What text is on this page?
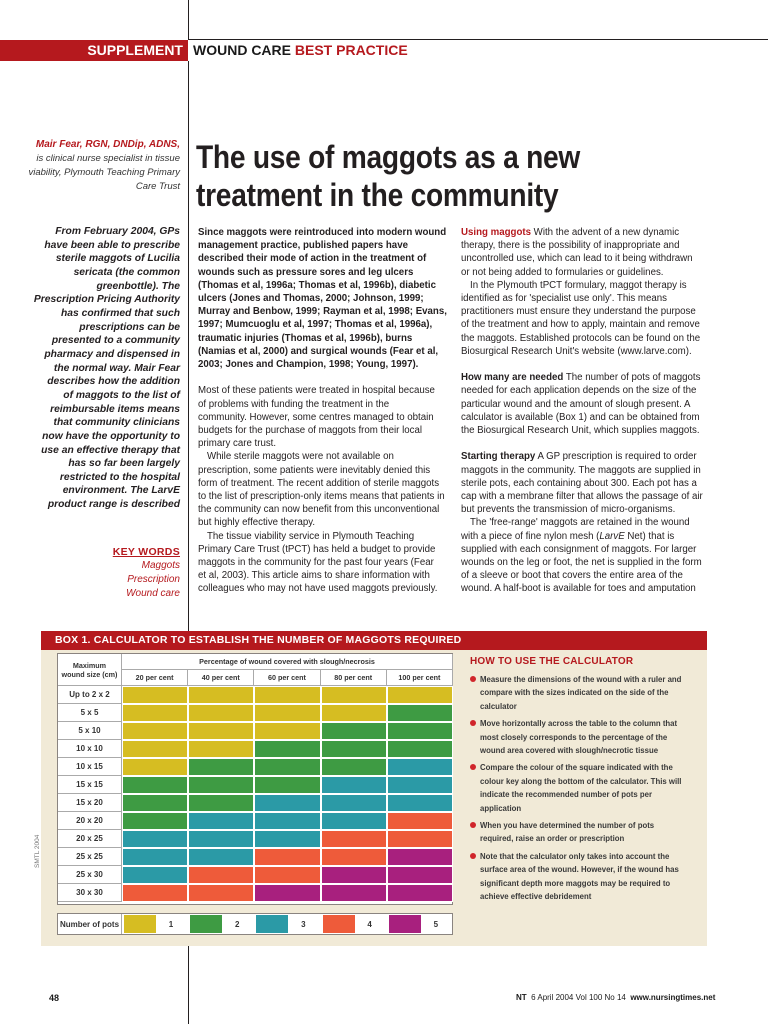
SUPPLEMENT WOUND CARE BEST PRACTICE
Mair Fear, RGN, DNDip, ADNS,
is clinical nurse specialist in tissue
viability, Plymouth Teaching Primary
Care Trust
The use of maggots as a new
treatment in the community
From February 2004, GPs
have been able to prescribe
sterile maggots of Lucilia
sericata (the common
greenbottle). The
Prescription Pricing Authority
has confirmed that such
prescriptions can be
presented to a community
pharmacy and dispensed in
the normal way. Mair Fear
describes how the addition
of maggots to the list of
reimbursable items means
that community clinicians
now have the opportunity to
use an effective therapy that
has so far been largely
restricted to the hospital
environment. The LarvE
product range is described
KEY WORDS
Maggots
Prescription
Wound care

Since maggots were reintroduced into modern wound

management practice, published papers have

described their mode of action in the treatment of

wounds such as pressure sores and leg ulcers

(Thomas et al, 1996a; Thomas et al, 1996b), diabetic

ulcers (Jones and Thomas, 2000; Johnson, 1999;

Murray and Benbow, 1999; Rayman et al, 1998; Evans,

1997; Mumcuoglu et al, 1997; Thomas et al, 1996a),

traumatic injuries (Thomas et al, 1996b), burns

(Namias et al, 2000) and surgical wounds (Fear et al,

2003; Jones and Champion, 1998; Young, 1997).

Most of these patients were treated in hospital because

of problems with funding the treatment in the

community. However, some centres managed to obtain

budgets for the purchase of maggots from their local

primary care trust.

While sterile maggots were not available on

prescription, some patients were inevitably denied this

form of treatment. The recent addition of sterile maggots

to the list of prescription-only items means that patients in

the community can now benefit from this unconventional

but highly effective therapy.

The tissue viability service in Plymouth Teaching

Primary Care Trust (tPCT) has held a budget to provide

maggots in the community for the past four years (Fear

et al, 2003). This article aims to share information with

colleagues who may not have used maggots previously.

Using maggots With the advent of a new dynamic

therapy, there is the possibility of inappropriate and

uncontrolled use, which can lead to it being withdrawn

or not being added to formularies or guidelines.

In the Plymouth tPCT formulary, maggot therapy is

identified as for 'specialist use only'. This means

practitioners must ensure they understand the purpose

of the treatment and how to apply, maintain and remove

the maggots. Established protocols can be found on the

Biosurgical Research Unit's website (www.larve.com).

How many are needed The number of pots of maggots

needed for each application depends on the size of the

particular wound and the amount of slough present. A

calculator is available (Box 1) and can be obtained from

the Biosurgical Research Unit, which supplies maggots.

Starting therapy A GP prescription is required to order

maggots in the community. The maggots are supplied in

sterile pots, each containing about 300. Each pot has a

cap with a membrane filter that allows the passage of air

but prevents the transmission of micro-organisms.

The 'free-range' maggots are retained in the wound

with a piece of fine nylon mesh (LarvE Net) that is

supplied with each consignment of maggots. For larger

wounds on the leg or foot, the net is supplied in the form

of a sleeve or boot that covers the entire area of the

wound. A half-boot is available for toes and amputation

BOX 1. CALCULATOR TO ESTABLISH THE NUMBER OF MAGGOTS REQUIRED
Maximum
wound size (cm)
Percentage of wound covered with slough/necrosis
20 per cent	40 per cent	60 per cent	80 per cent	100 per cent
Up to 2 x 2
5 x 5
5 x 10
10 x 10
10 x 15
15 x 15
15 x 20
20 x 20
20 x 25
25 x 25
25 x 30
30 x 30
SMTL 2004
Number of pots	1	2	3	4	5
HOW TO USE THE CALCULATOR
Measure the dimensions of the wound with a ruler and
compare with the sizes indicated on the side of the
calculator
Move horizontally across the table to the column that
most closely corresponds to the percentage of the
wound area covered with slough/necrotic tissue
Compare the colour of the square indicated with the
colour key along the bottom of the calculator. This will
indicate the recommended number of pots per
application
When you have determined the number of pots
required, raise an order or prescription
Note that the calculator only takes into account the
surface area of the wound. However, if the wound has
significant depth more maggots may be required to
achieve effective debridement
48	NT 6 April 2004 Vol 100 No 14 www.nursingtimes.net
